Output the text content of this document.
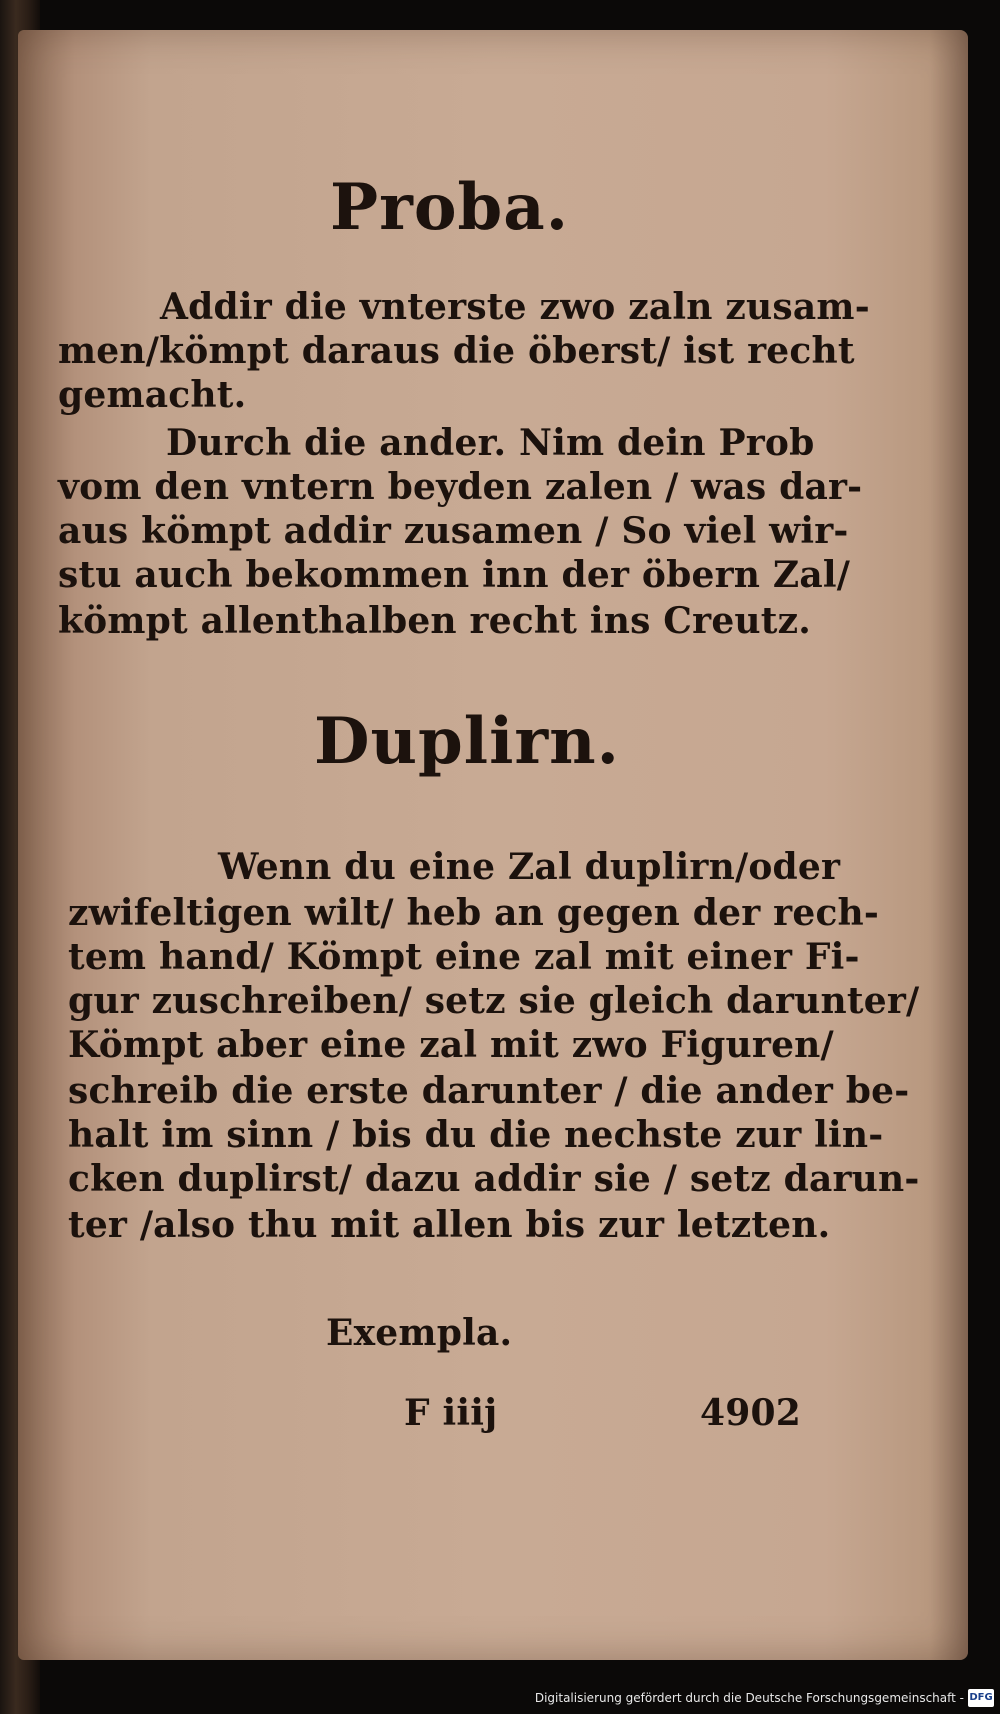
Proba.
Addir die vnterste zwo zaln zusam-
men/kömpt daraus die öberst/ ist recht
gemacht.
Durch die ander. Nim dein Prob
vom den vntern beyden zalen / was dar-
aus kömpt addir zusamen / So viel wir-
stu auch bekommen inn der öbern Zal/
kömpt allenthalben recht ins Creutz.
Duplirn.
Wenn du eine Zal duplirn/oder
zwifeltigen wilt/ heb an gegen der rech-
tem hand/ Kömpt eine zal mit einer Fi-
gur zuschreiben/ setz sie gleich darunter/
Kömpt aber eine zal mit zwo Figuren/
schreib die erste darunter / die ander be-
halt im sinn / bis du die nechste zur lin-
cken duplirst/ dazu addir sie / setz darun-
ter /also thu mit allen bis zur letzten.
Exempla.
F iiij	4902
Digitalisierung gefördert durch die Deutsche Forschungsgemeinschaft - DFG
